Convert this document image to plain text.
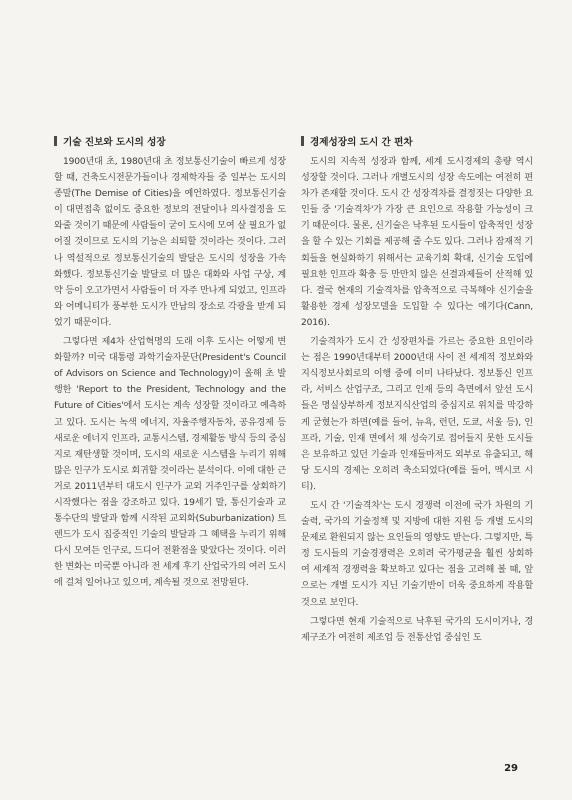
기술 진보와 도시의 성장

1900년대 초, 1980년대 초 정보통신기술이 빠르게 성장할 때, 건축도시전문가들이나 경제학자들 중 일부는 도시의 종말(The Demise of Cities)을 예언하였다. 정보통신기술이 대면접촉 없이도 중요한 정보의 전달이나 의사결정을 도와줄 것이기 때문에 사람들이 굳이 도시에 모여 살 필요가 없어질 것이므로 도시의 기능은 쇠퇴할 것이라는 것이다. 그러나 역설적으로 정보통신기술의 발달은 도시의 성장을 가속화했다. 정보통신기술 발달로 더 많은 대화와 사업 구상, 계약 등이 오고가면서 사람들이 더 자주 만나게 되었고, 인프라와 어메니티가 풍부한 도시가 만남의 장소로 각광을 받게 되었기 때문이다.

그렇다면 제4차 산업혁명의 도래 이후 도시는 어떻게 변화할까? 미국 대통령 과학기술자문단(President's Council of Advisors on Science and Technology)이 올해 초 발행한 'Report to the President, Technology and the Future of Cities'에서 도시는 계속 성장할 것이라고 예측하고 있다. 도시는 녹색 에너지, 자율주행자동차, 공유경제 등 새로운 에너지 인프라, 교통시스템, 경제활동 방식 등의 중심지로 재탄생할 것이며, 도시의 새로운 시스템을 누리기 위해 많은 인구가 도시로 회귀할 것이라는 분석이다. 이에 대한 근거로 2011년부터 대도시 인구가 교외 거주인구를 상회하기 시작했다는 점을 강조하고 있다. 19세기 말, 통신기술과 교통수단의 발달과 함께 시작된 교외화(Suburbanization) 트렌드가 도시 집중적인 기술의 발달과 그 혜택을 누리기 위해 다시 모여든 인구로, 드디어 전환점을 맞았다는 것이다. 이러한 변화는 미국뿐 아니라 전 세계 후기 산업국가의 여러 도시에 걸쳐 일어나고 있으며, 계속될 것으로 전망된다.

경제성장의 도시 간 편차

도시의 지속적 성장과 함께, 세계 도시경제의 총량 역시 성장할 것이다. 그러나 개별도시의 성장 속도에는 여전히 편차가 존재할 것이다. 도시 간 성장격차를 결정짓는 다양한 요인들 중 '기술격차'가 가장 큰 요인으로 작용할 가능성이 크기 때문이다. 물론, 신기술은 낙후된 도시들이 압축적인 성장을 할 수 있는 기회를 제공해 줄 수도 있다. 그러나 잠재적 기회들을 현실화하기 위해서는 교육기회 확대, 신기술 도입에 필요한 인프라 확충 등 만만치 않은 선결과제들이 산적해 있다. 결국 현재의 기술격차를 압축적으로 극복해야 신기술을 활용한 경제 성장모델을 도입할 수 있다는 얘기다(Cann, 2016).

기술격차가 도시 간 성장편차를 가르는 중요한 요인이라는 점은 1990년대부터 2000년대 사이 전 세계적 정보화와 지식정보사회로의 이행 중에 이미 나타났다. 정보통신 인프라, 서비스 산업구조, 그리고 인재 등의 측면에서 앞선 도시들은 명실상부하게 정보지식산업의 중심지로 위치를 막강하게 굳혔는가 하면(예를 들어, 뉴욕, 런던, 도쿄, 서울 등), 인프라, 기술, 인재 면에서 채 성숙기로 접어들지 못한 도시들은 보유하고 있던 기술과 인재들마저도 외부로 유출되고, 해당 도시의 경제는 오히려 축소되었다(예를 들어, 멕시코 시티).

도시 간 '기술격차'는 도시 경쟁력 이전에 국가 차원의 기술력, 국가의 기술정책 및 지방에 대한 지원 등 개별 도시의 문제로 환원되지 않는 요인들의 영향도 받는다. 그렇지만, 특정 도시들의 기술경쟁력은 오히려 국가평균을 훨씬 상회하여 세계적 경쟁력을 확보하고 있다는 점을 고려해 볼 때, 앞으로는 개별 도시가 지닌 기술기반이 더욱 중요하게 작용할 것으로 보인다.

그렇다면 현재 기술적으로 낙후된 국가의 도시이거나, 경제구조가 여전히 제조업 등 전통산업 중심인 도

29
